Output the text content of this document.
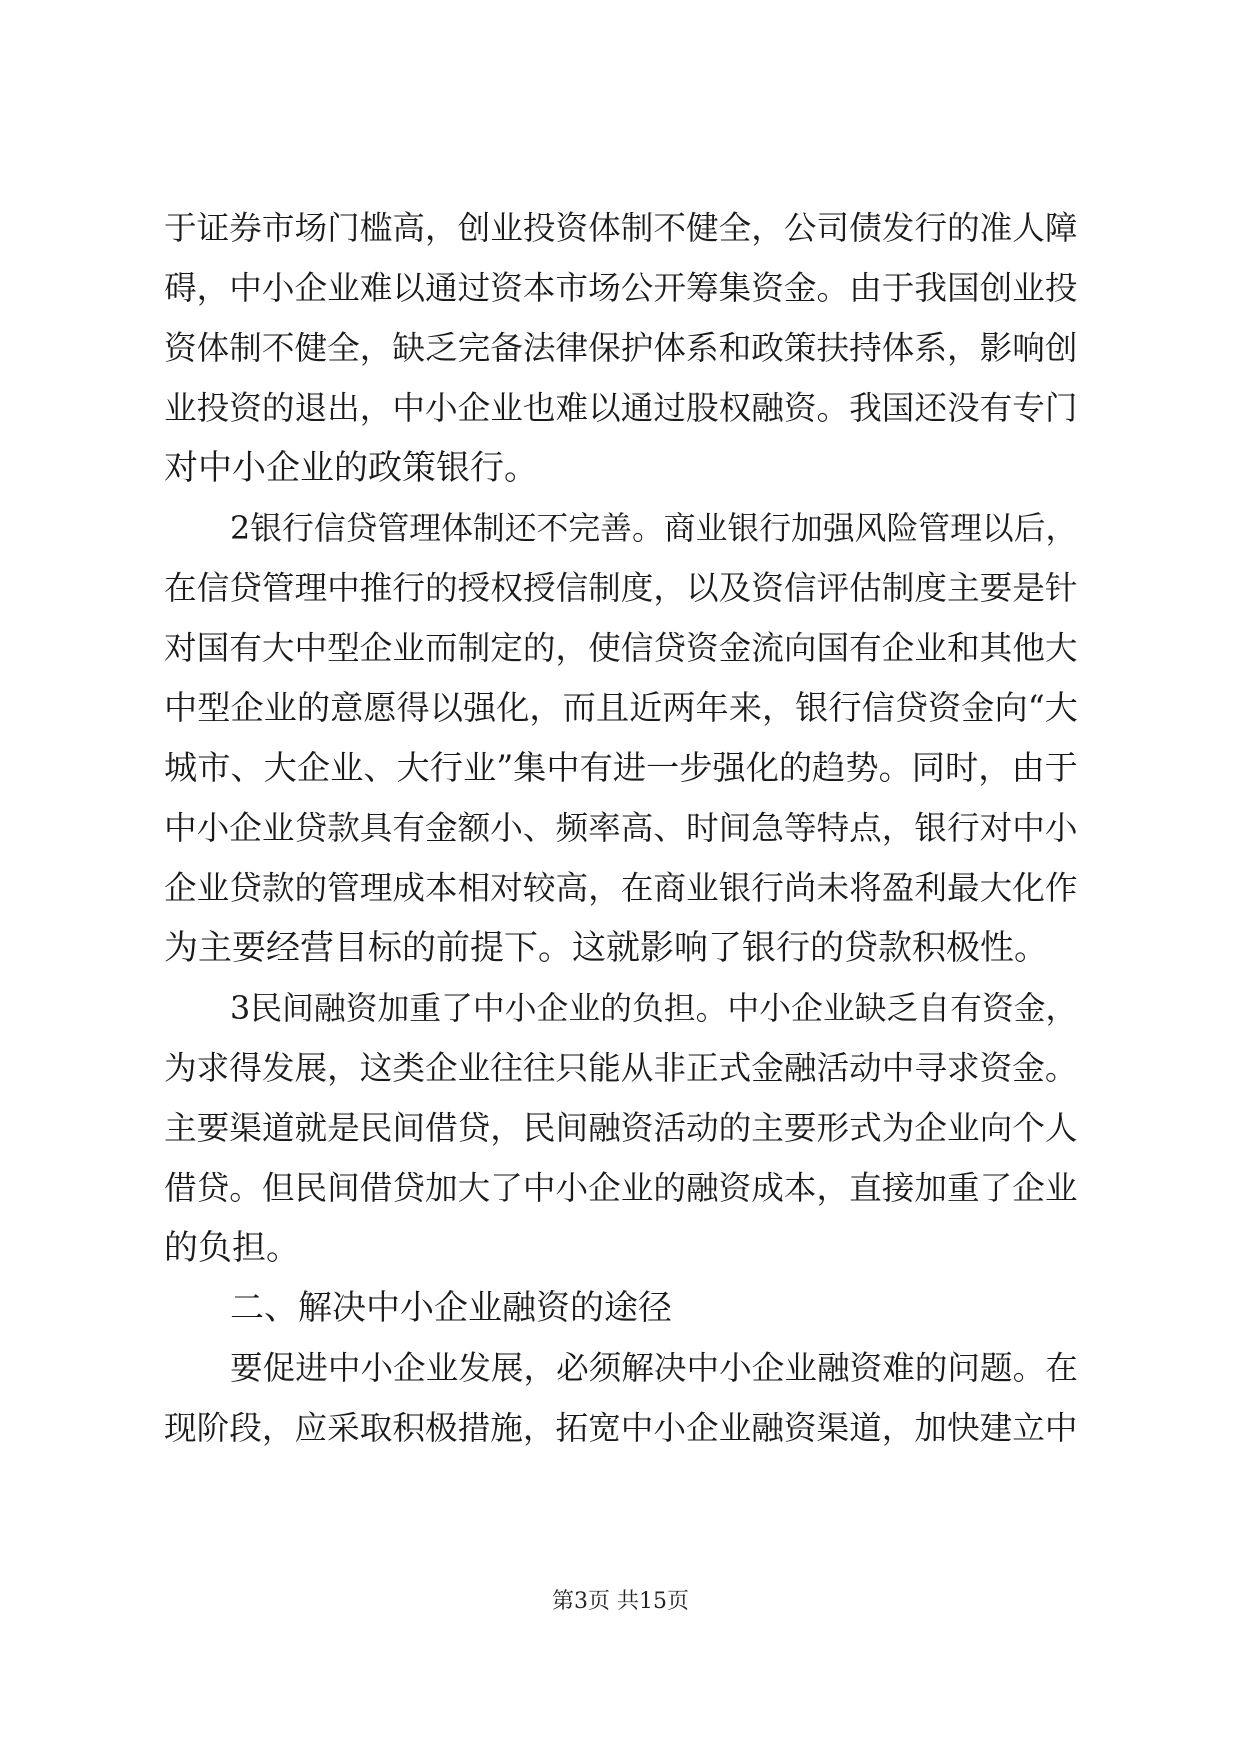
于证券市场门槛高，创业投资体制不健全，公司债发行的准人障
碍，中小企业难以通过资本市场公开筹集资金。由于我国创业投
资体制不健全，缺乏完备法律保护体系和政策扶持体系，影响创
业投资的退出，中小企业也难以通过股权融资。我国还没有专门
对中小企业的政策银行。
2银行信贷管理体制还不完善。商业银行加强风险管理以后，
在信贷管理中推行的授权授信制度，以及资信评估制度主要是针
对国有大中型企业而制定的，使信贷资金流向国有企业和其他大
中型企业的意愿得以强化，而且近两年来，银行信贷资金向“大
城市、大企业、大行业”集中有进一步强化的趋势。同时，由于
中小企业贷款具有金额小、频率高、时间急等特点，银行对中小
企业贷款的管理成本相对较高，在商业银行尚未将盈利最大化作
为主要经营目标的前提下。这就影响了银行的贷款积极性。
3民间融资加重了中小企业的负担。中小企业缺乏自有资金，
为求得发展，这类企业往往只能从非正式金融活动中寻求资金。
主要渠道就是民间借贷，民间融资活动的主要形式为企业向个人
借贷。但民间借贷加大了中小企业的融资成本，直接加重了企业
的负担。
二、解决中小企业融资的途径
要促进中小企业发展，必须解决中小企业融资难的问题。在
现阶段，应采取积极措施，拓宽中小企业融资渠道，加快建立中
第3页 共15页
